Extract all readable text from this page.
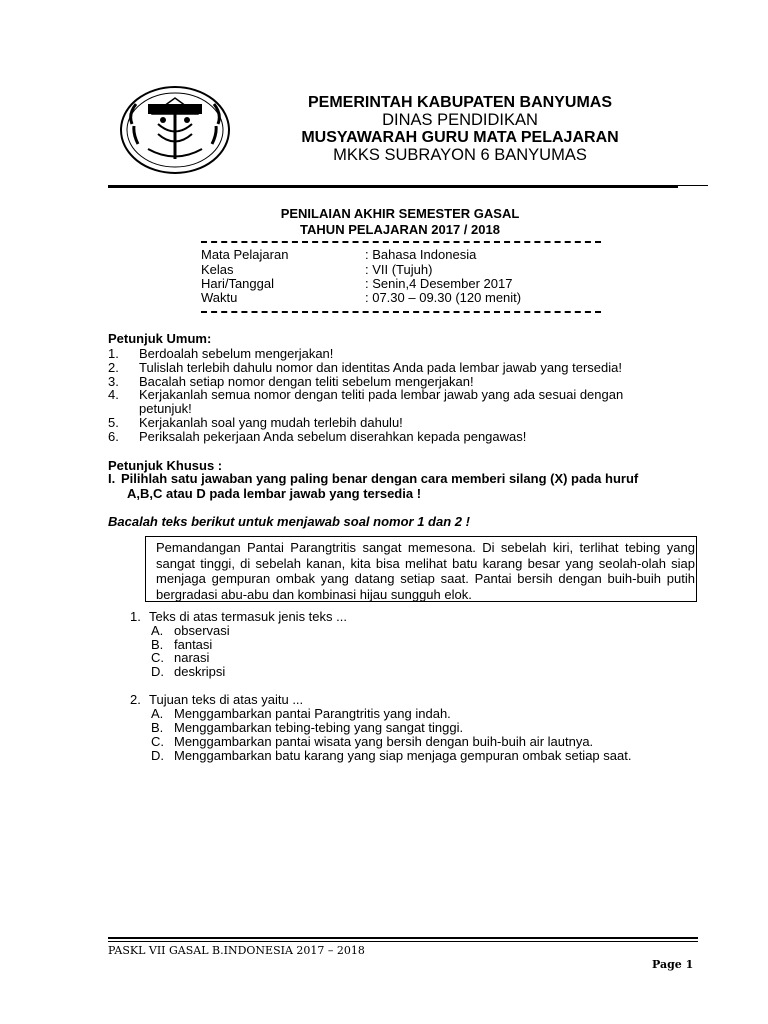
PEMERINTAH KABUPATEN BANYUMAS
DINAS PENDIDIKAN
MUSYAWARAH GURU MATA PELAJARAN
MKKS SUBRAYON 6 BANYUMAS
PENILAIAN AKHIR SEMESTER GASAL
TAHUN PELAJARAN 2017 / 2018
Mata Pelajaran	: Bahasa Indonesia
Kelas	: VII (Tujuh)
Hari/Tanggal	: Senin,4 Desember 2017
Waktu	: 07.30 – 09.30 (120 menit)
Petunjuk Umum:
1. Berdoalah sebelum mengerjakan!
2. Tulislah terlebih dahulu nomor dan identitas Anda pada lembar jawab yang tersedia!
3. Bacalah setiap nomor dengan teliti sebelum mengerjakan!
4. Kerjakanlah semua nomor dengan teliti pada lembar jawab yang ada sesuai dengan
petunjuk!
5. Kerjakanlah soal yang mudah terlebih dahulu!
6. Periksalah pekerjaan Anda sebelum diserahkan kepada pengawas!
Petunjuk Khusus :
I. Pilihlah satu jawaban yang paling benar dengan cara memberi silang (X) pada huruf
A,B,C atau D pada lembar jawab yang tersedia !
Bacalah teks berikut untuk menjawab soal nomor 1 dan 2 !
Pemandangan Pantai Parangtritis sangat memesona. Di sebelah kiri, terlihat tebing yang sangat tinggi, di sebelah kanan, kita bisa melihat batu karang besar yang seolah-olah siap menjaga gempuran ombak yang datang setiap saat. Pantai bersih dengan buih-buih putih bergradasi abu-abu dan kombinasi hijau sungguh elok.
1. Teks di atas termasuk jenis teks ...
A. observasi
B. fantasi
C. narasi
D. deskripsi
2. Tujuan teks di atas yaitu ...
A. Menggambarkan pantai Parangtritis yang indah.
B. Menggambarkan tebing-tebing yang sangat tinggi.
C. Menggambarkan pantai wisata yang bersih dengan buih-buih air lautnya.
D. Menggambarkan batu karang yang siap menjaga gempuran ombak setiap saat.
PASKL VII GASAL B.INDONESIA 2017 – 2018
Page 1
